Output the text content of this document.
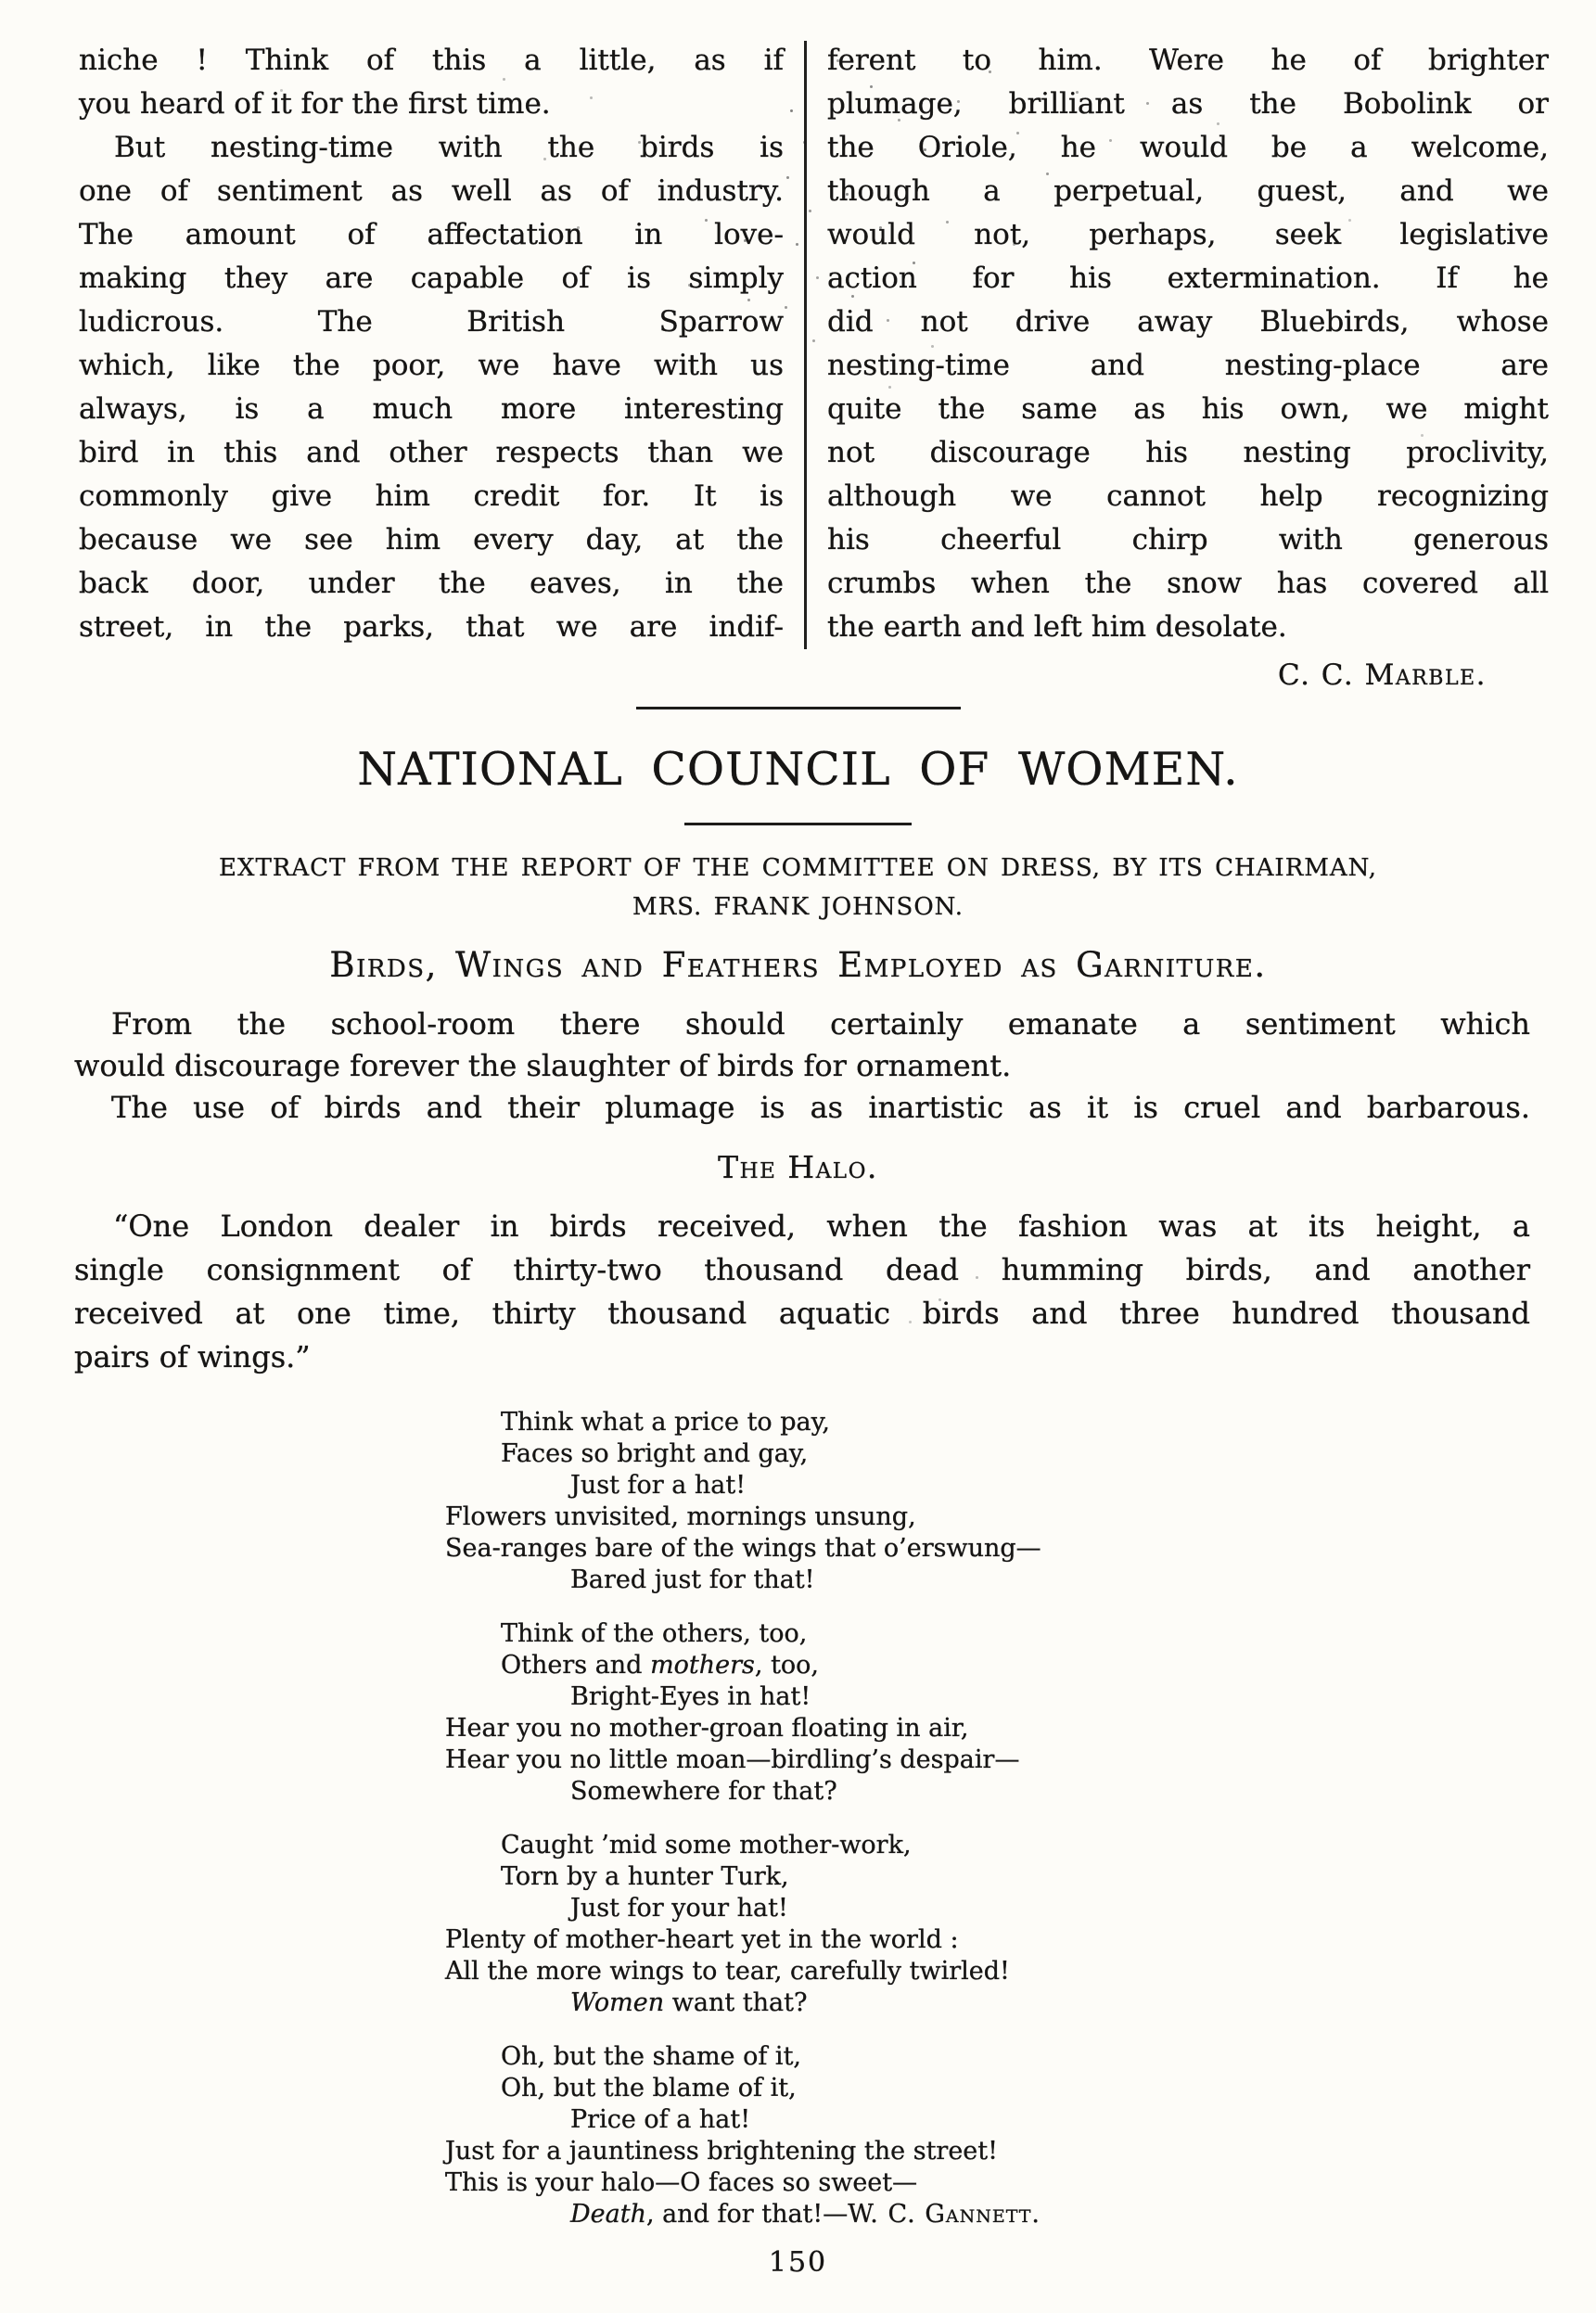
niche ! Think of this a little, as if
you heard of it for the first time.
But nesting-time with the birds is
one of sentiment as well as of industry.
The amount of affectation in love-
making they are capable of is simply
ludicrous. The British Sparrow
which, like the poor, we have with us
always, is a much more interesting
bird in this and other respects than we
commonly give him credit for. It is
because we see him every day, at the
back door, under the eaves, in the
street, in the parks, that we are indif-
ferent to him. Were he of brighter
plumage, brilliant as the Bobolink or
the Oriole, he would be a welcome,
though a perpetual, guest, and we
would not, perhaps, seek legislative
action for his extermination. If he
did not drive away Bluebirds, whose
nesting-time and nesting-place are
quite the same as his own, we might
not discourage his nesting proclivity,
although we cannot help recognizing
his cheerful chirp with generous
crumbs when the snow has covered all
the earth and left him desolate.
C. C. Marble.
NATIONAL COUNCIL OF WOMEN.
EXTRACT FROM THE REPORT OF THE COMMITTEE ON DRESS, BY ITS CHAIRMAN,
MRS. FRANK JOHNSON.
Birds, Wings and Feathers Employed as Garniture.
From the school-room there should certainly emanate a sentiment which
would discourage forever the slaughter of birds for ornament.
The use of birds and their plumage is as inartistic as it is cruel and barbarous.
The Halo.
“One London dealer in birds received, when the fashion was at its height, a
single consignment of thirty-two thousand dead humming birds, and another
received at one time, thirty thousand aquatic birds and three hundred thousand
pairs of wings.”
Think what a price to pay,
Faces so bright and gay,
Just for a hat!
Flowers unvisited, mornings unsung,
Sea-ranges bare of the wings that o’erswung—
Bared just for that!
Think of the others, too,
Others and mothers, too,
Bright-Eyes in hat!
Hear you no mother-groan floating in air,
Hear you no little moan—birdling’s despair—
Somewhere for that?
Caught ’mid some mother-work,
Torn by a hunter Turk,
Just for your hat!
Plenty of mother-heart yet in the world :
All the more wings to tear, carefully twirled!
Women want that?
Oh, but the shame of it,
Oh, but the blame of it,
Price of a hat!
Just for a jauntiness brightening the street!
This is your halo—O faces so sweet—
Death, and for that!—W. C. Gannett.
150
